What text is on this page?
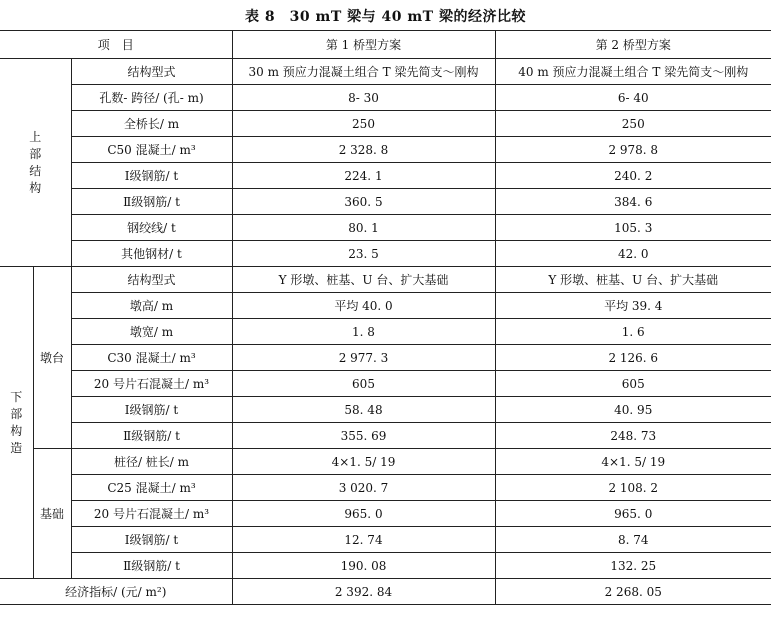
表 8　30 mT 梁与 40 mT 梁的经济比较
项　目			第 1 桥型方案	第 2 桥型方案
上
部
结
构		结构型式	30 m 预应力混凝土组合 T 梁先简支～刚构	40 m 预应力混凝土组合 T 梁先简支～刚构
		孔数- 跨径/ (孔- m)	8- 30	6- 40
		全桥长/ m	250	250
		C50 混凝土/ m³	2 328. 8	2 978. 8
		Ⅰ级钢筋/ t	224. 1	240. 2
		Ⅱ级钢筋/ t	360. 5	384. 6
		钢绞线/ t	80. 1	105. 3
		其他钢材/ t	23. 5	42. 0
下
部
构
造	墩台	结构型式	Y 形墩、桩基、U 台、扩大基础	Y 形墩、桩基、U 台、扩大基础
		墩高/ m	平均 40. 0	平均 39. 4
		墩宽/ m	1. 8	1. 6
		C30 混凝土/ m³	2 977. 3	2 126. 6
		20 号片石混凝土/ m³	605	605
		Ⅰ级钢筋/ t	58. 48	40. 95
		Ⅱ级钢筋/ t	355. 69	248. 73
	基础	桩径/ 桩长/ m	4×1. 5/ 19	4×1. 5/ 19
		C25 混凝土/ m³	3 020. 7	2 108. 2
		20 号片石混凝土/ m³	965. 0	965. 0
		Ⅰ级钢筋/ t	12. 74	8. 74
		Ⅱ级钢筋/ t	190. 08	132. 25
经济指标/ (元/ m²)			2 392. 84	2 268. 05
